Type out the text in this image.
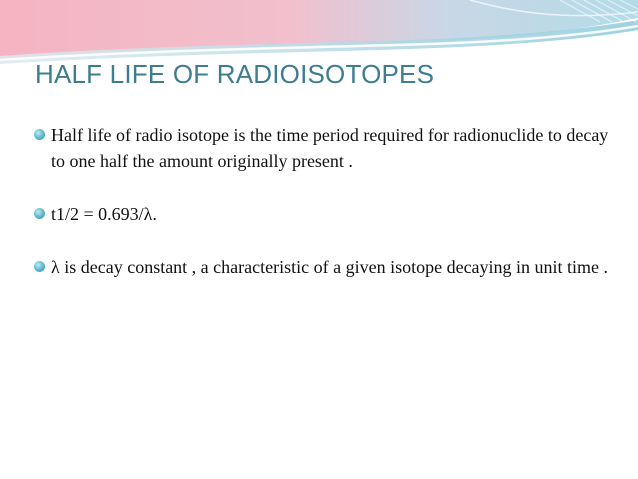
HALF LIFE OF RADIOISOTOPES
Half life of radio isotope is the time period required for radionuclide to decay to one half the amount originally present .
t1/2 = 0.693/λ.
λ is decay constant , a characteristic of a given isotope decaying in unit time .
